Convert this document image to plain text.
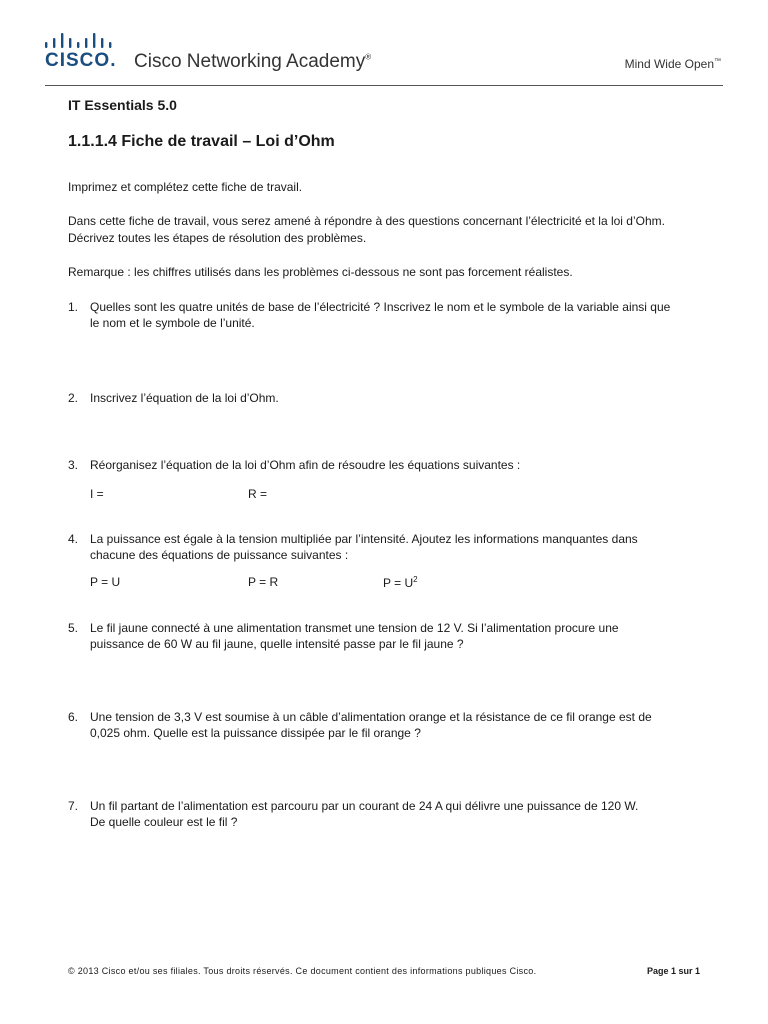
CISCO. Cisco Networking Academy®	Mind Wide Open™
IT Essentials 5.0
1.1.1.4 Fiche de travail – Loi d’Ohm
Imprimez et complétez cette fiche de travail.
Dans cette fiche de travail, vous serez amené à répondre à des questions concernant l’électricité et la loi d’Ohm.
Décrivez toutes les étapes de résolution des problèmes.
Remarque : les chiffres utilisés dans les problèmes ci-dessous ne sont pas forcement réalistes.
1. Quelles sont les quatre unités de base de l’électricité ? Inscrivez le nom et le symbole de la variable ainsi que
le nom et le symbole de l’unité.
2. Inscrivez l’équation de la loi d’Ohm.
3. Réorganisez l’équation de la loi d’Ohm afin de résoudre les équations suivantes :
I =	R =
4. La puissance est égale à la tension multipliée par l’intensité. Ajoutez les informations manquantes dans
chacune des équations de puissance suivantes :
P = U	P = R	$P = U^2$
5. Le fil jaune connecté à une alimentation transmet une tension de 12 V. Si l’alimentation procure une
puissance de 60 W au fil jaune, quelle intensité passe par le fil jaune ?
6. Une tension de 3,3 V est soumise à un câble d’alimentation orange et la résistance de ce fil orange est de
0,025 ohm. Quelle est la puissance dissipée par le fil orange ?
7. Un fil partant de l’alimentation est parcouru par un courant de 24 A qui délivre une puissance de 120 W.
De quelle couleur est le fil ?
© 2013 Cisco et/ou ses filiales. Tous droits réservés. Ce document contient des informations publiques Cisco.	Page 1 sur 1
